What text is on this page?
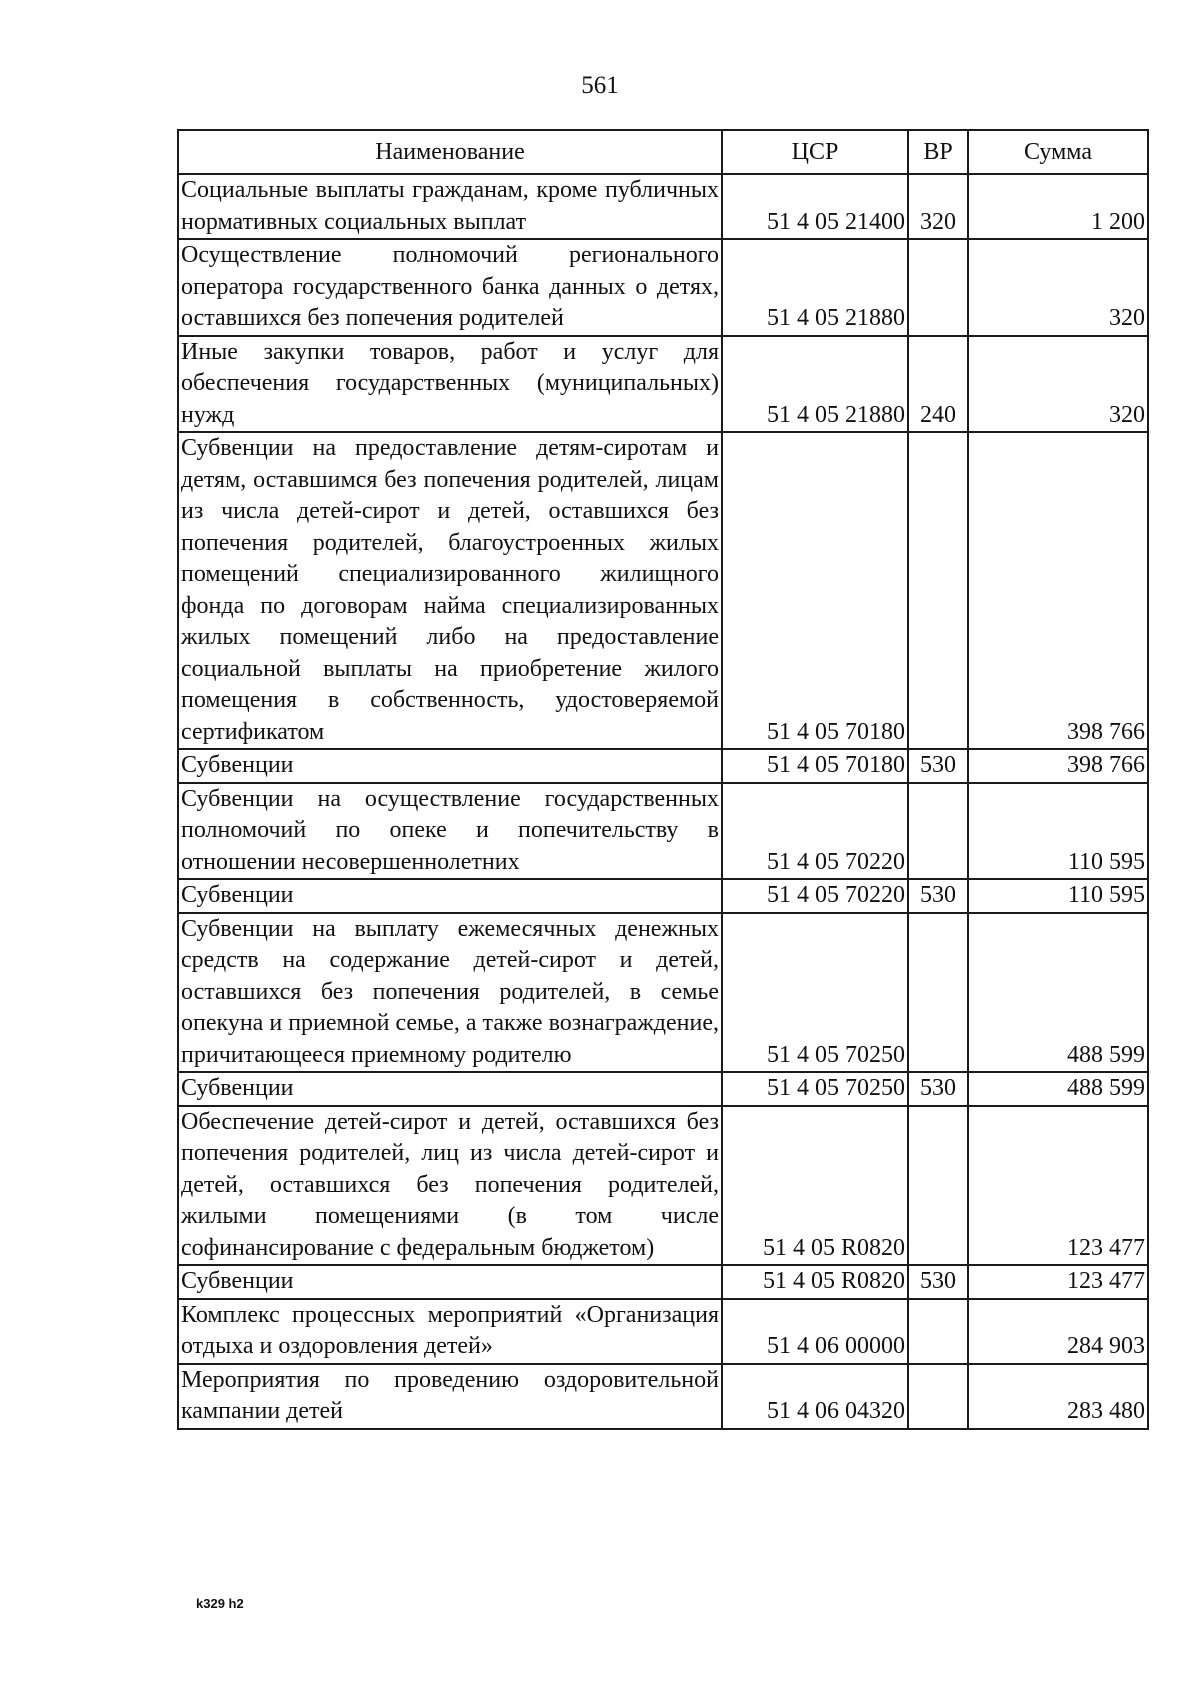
561
Наименование	ЦСР	ВР	Сумма
Социальные выплаты гражданам, кроме публичных нормативных социальных выплат	51 4 05 21400	320	1 200
Осуществление полномочий регионального оператора государственного банка данных о детях, оставшихся без попечения родителей	51 4 05 21880		320
Иные закупки товаров, работ и услуг для обеспечения государственных (муниципальных) нужд	51 4 05 21880	240	320
Субвенции на предоставление детям-сиротам и детям, оставшимся без попечения родителей, лицам из числа детей-сирот и детей, оставшихся без попечения родителей, благоустроенных жилых помещений специализированного жилищного фонда по договорам найма специализированных жилых помещений либо на предоставление социальной выплаты на приобретение жилого помещения в собственность, удостоверяемой сертификатом	51 4 05 70180		398 766
Субвенции	51 4 05 70180	530	398 766
Субвенции на осуществление государственных полномочий по опеке и попечительству в отношении несовершеннолетних	51 4 05 70220		110 595
Субвенции	51 4 05 70220	530	110 595
Субвенции на выплату ежемесячных денежных средств на содержание детей-сирот и детей, оставшихся без попечения родителей, в семье опекуна и приемной семье, а также вознаграждение, причитающееся приемному родителю	51 4 05 70250		488 599
Субвенции	51 4 05 70250	530	488 599
Обеспечение детей-сирот и детей, оставшихся без попечения родителей, лиц из числа детей-сирот и детей, оставшихся без попечения родителей, жилыми помещениями (в том числе софинансирование с федеральным бюджетом)	51 4 05 R0820		123 477
Субвенции	51 4 05 R0820	530	123 477
Комплекс процессных мероприятий «Организация отдыха и оздоровления детей»	51 4 06 00000		284 903
Мероприятия по проведению оздоровительной кампании детей	51 4 06 04320		283 480
k329 h2
